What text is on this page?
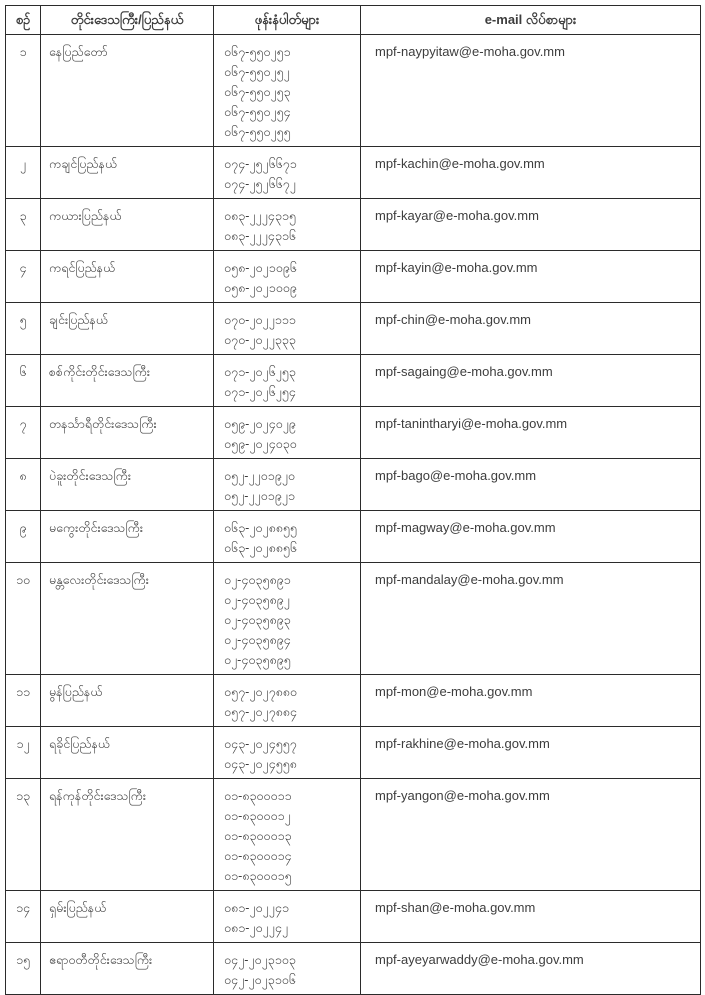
စဉ်	တိုင်းဒေသကြီး/ပြည်နယ်	ဖုန်းနံပါတ်များ	e-mail လိပ်စာများ
၁	နေပြည်တော်	၀၆၇-၅၅၀၂၅၁
၀၆၇-၅၅၀၂၅၂
၀၆၇-၅၅၀၂၅၃
၀၆၇-၅၅၀၂၅၄
၀၆၇-၅၅၀၂၅၅	mpf-naypyitaw@e-moha.gov.mm
၂	ကချင်ပြည်နယ်	၀၇၄-၂၅၂၆၆၇၁
၀၇၄-၂၅၂၆၆၇၂	mpf-kachin@e-moha.gov.mm
၃	ကယားပြည်နယ်	၀၈၃-၂၂၂၄၃၁၅
၀၈၃-၂၂၂၄၃၁၆	mpf-kayar@e-moha.gov.mm
၄	ကရင်ပြည်နယ်	၀၅၈-၂၀၂၁၀၉၆
၀၅၈-၂၀၂၁၀၀၉	mpf-kayin@e-moha.gov.mm
၅	ချင်းပြည်နယ်	၀၇၀-၂၀၂၂၁၁၁
၀၇၀-၂၀၂၂၃၃၃	mpf-chin@e-moha.gov.mm
၆	စစ်ကိုင်းတိုင်းဒေသကြီး	၀၇၁-၂၀၂၆၂၅၃
၀၇၁-၂၀၂၆၂၅၄	mpf-sagaing@e-moha.gov.mm
၇	တနင်္သာရီတိုင်းဒေသကြီး	၀၅၉-၂၀၂၄၀၂၉
၀၅၉-၂၀၂၄၀၃၀	mpf-tanintharyi@e-moha.gov.mm
၈	ပဲခူးတိုင်းဒေသကြီး	၀၅၂-၂၂၀၁၉၂၀
၀၅၂-၂၂၀၁၉၂၁	mpf-bago@e-moha.gov.mm
၉	မကွေးတိုင်းဒေသကြီး	၀၆၃-၂၀၂၈၈၅၅
၀၆၃-၂၀၂၈၈၅၆	mpf-magway@e-moha.gov.mm
၁၀	မန္တလေးတိုင်းဒေသကြီး	၀၂-၄၀၃၅၈၉၁
၀၂-၄၀၃၅၈၉၂
၀၂-၄၀၃၅၈၉၃
၀၂-၄၀၃၅၈၉၄
၀၂-၄၀၃၅၈၉၅	mpf-mandalay@e-moha.gov.mm
၁၁	မွန်ပြည်နယ်	၀၅၇-၂၀၂၇၈၈၀
၀၅၇-၂၀၂၇၈၈၄	mpf-mon@e-moha.gov.mm
၁၂	ရခိုင်ပြည်နယ်	၀၄၃-၂၀၂၄၅၅၇
၀၄၃-၂၀၂၄၅၅၈	mpf-rakhine@e-moha.gov.mm
၁၃	ရန်ကုန်တိုင်းဒေသကြီး	၀၁-၈၃၀၀၀၁၁
၀၁-၈၃၀၀၀၁၂
၀၁-၈၃၀၀၀၁၃
၀၁-၈၃၀၀၀၁၄
၀၁-၈၃၀၀၀၁၅	mpf-yangon@e-moha.gov.mm
၁၄	ရှမ်းပြည်နယ်	၀၈၁-၂၀၂၂၄၁
၀၈၁-၂၀၂၂၄၂	mpf-shan@e-moha.gov.mm
၁၅	ဧရာဝတီတိုင်းဒေသကြီး	၀၄၂-၂၀၂၃၁၀၃
၀၄၂-၂၀၂၃၁၀၆	mpf-ayeyarwaddy@e-moha.gov.mm
